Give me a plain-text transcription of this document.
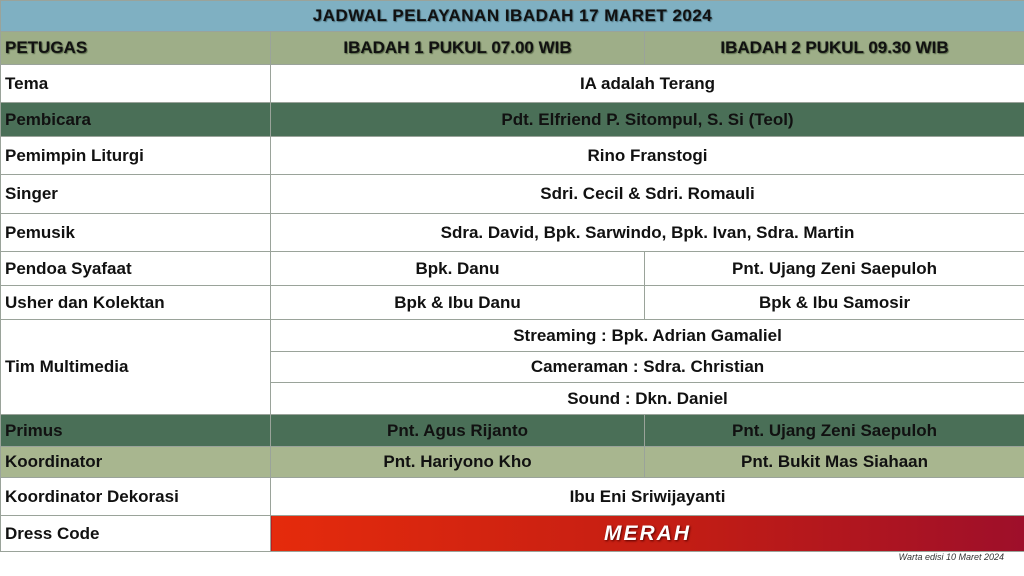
JADWAL PELAYANAN IBADAH 17 MARET 2024		
PETUGAS	IBADAH 1 PUKUL 07.00 WIB	IBADAH 2 PUKUL 09.30 WIB
Tema	IA adalah Terang	
Pembicara	Pdt. Elfriend P. Sitompul, S. Si (Teol)	
Pemimpin Liturgi	Rino Franstogi	
Singer	Sdri. Cecil & Sdri. Romauli	
Pemusik	Sdra. David, Bpk. Sarwindo, Bpk. Ivan, Sdra. Martin	
Pendoa Syafaat	Bpk. Danu	Pnt. Ujang Zeni Saepuloh
Usher dan Kolektan	Bpk & Ibu Danu	Bpk & Ibu Samosir
Tim Multimedia	Streaming : Bpk. Adrian Gamaliel	
	Cameraman : Sdra. Christian	
	Sound : Dkn. Daniel	
Primus	Pnt. Agus Rijanto	Pnt. Ujang Zeni Saepuloh
Koordinator	Pnt. Hariyono Kho	Pnt. Bukit Mas Siahaan
Koordinator Dekorasi	Ibu Eni Sriwijayanti	
Dress Code	MERAH	
Warta edisi 10 Maret 2024
